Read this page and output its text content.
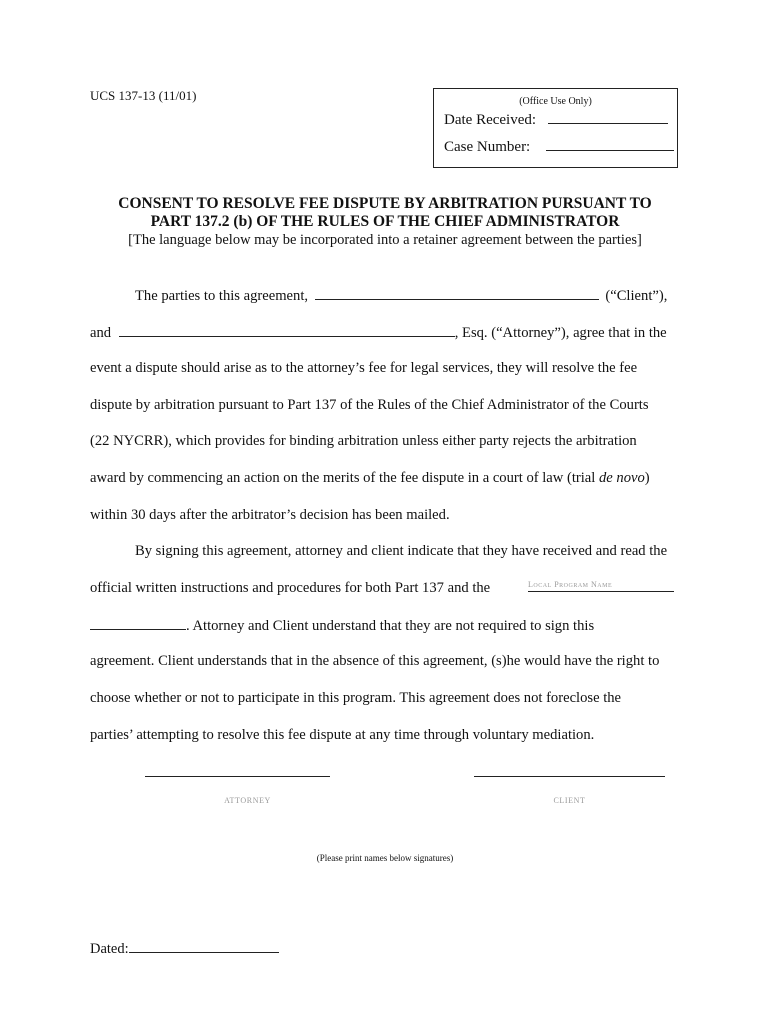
UCS 137-13 (11/01)	(Office Use Only)
Date Received:
Case Number:
CONSENT TO RESOLVE FEE DISPUTE BY ARBITRATION PURSUANT TO
PART 137.2 (b) OF THE RULES OF THE CHIEF ADMINISTRATOR
[The language below may be incorporated into a retainer agreement between the parties]
The parties to this agreement,	(“Client”),
and	, Esq. (“Attorney”), agree that in the
event a dispute should arise as to the attorney’s fee for legal services, they will resolve the fee
dispute by arbitration pursuant to Part 137 of the Rules of the Chief Administrator of the Courts
(22 NYCRR), which provides for binding arbitration unless either party rejects the arbitration
award by commencing an action on the merits of the fee dispute in a court of law (trial de novo)
within 30 days after the arbitrator’s decision has been mailed.
By signing this agreement, attorney and client indicate that they have received and read the
official written instructions and procedures for both Part 137 and the	Local Program Name
. Attorney and Client understand that they are not required to sign this
agreement. Client understands that in the absence of this agreement, (s)he would have the right to
choose whether or not to participate in this program. This agreement does not foreclose the
parties’ attempting to resolve this fee dispute at any time through voluntary mediation.
ATTORNEY	CLIENT
(Please print names below signatures)
Dated:
